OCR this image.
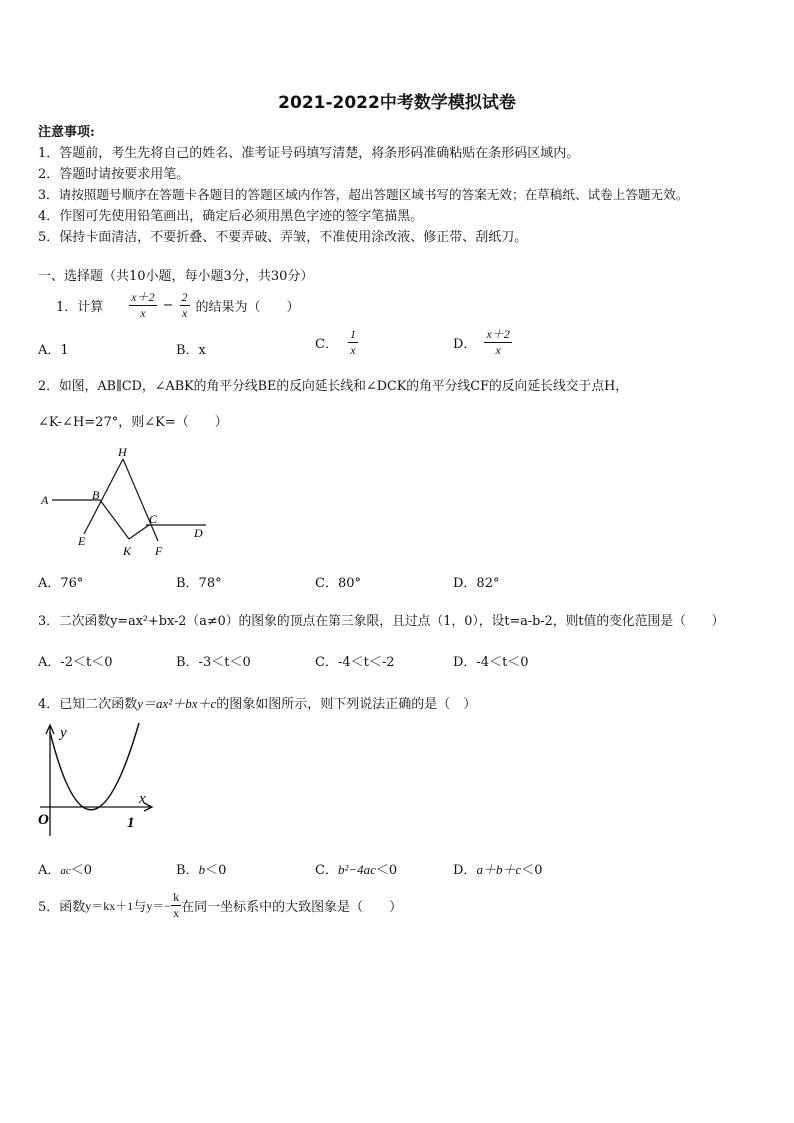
2021-2022中考数学模拟试卷
注意事项:
1．答题前，考生先将自己的姓名、准考证号码填写清楚，将条形码准确粘贴在条形码区域内。
2．答题时请按要求用笔。
3．请按照题号顺序在答题卡各题目的答题区域内作答，超出答题区域书写的答案无效；在草稿纸、试卷上答题无效。
4．作图可先使用铅笔画出，确定后必须用黑色字迹的签字笔描黑。
5．保持卡面清洁，不要折叠、不要弄破、弄皱，不准使用涂改液、修正带、刮纸刀。
一、选择题（共10小题，每小题3分，共30分）
1．计算 $\frac{x+2}{x} - \frac{2}{x}$ 的结果为（　　）
A．1	B．x	C． $\frac{1}{x}$	D． $\frac{x+2}{x}$
2．如图，AB∥CD，∠ABK的角平分线BE的反向延长线和∠DCK的角平分线CF的反向延长线交于点H，
∠K-∠H=27°，则∠K=（　　）
A	B
H
C
D
E
K F
A．76°	B．78°	C．80°	D．82°
3．二次函数y=ax²+bx-2（a≠0）的图象的顶点在第三象限，且过点（1，0），设t=a-b-2，则t值的变化范围是（　　）
A．-2＜t＜0	B．-3＜t＜0	C．-4＜t＜-2	D．-4＜t＜0
4．已知二次函数y＝ax²＋bx＋c的图象如图所示，则下列说法正确的是（　）
y
x
O	1
A．ac＜0	B．b＜0	C．b²−4ac＜0	D．a＋b＋c＜0
5．函数 y＝kx＋1 与 $y=- \frac{k}{x}$ 在同一坐标系中的大致图象是（　　）
